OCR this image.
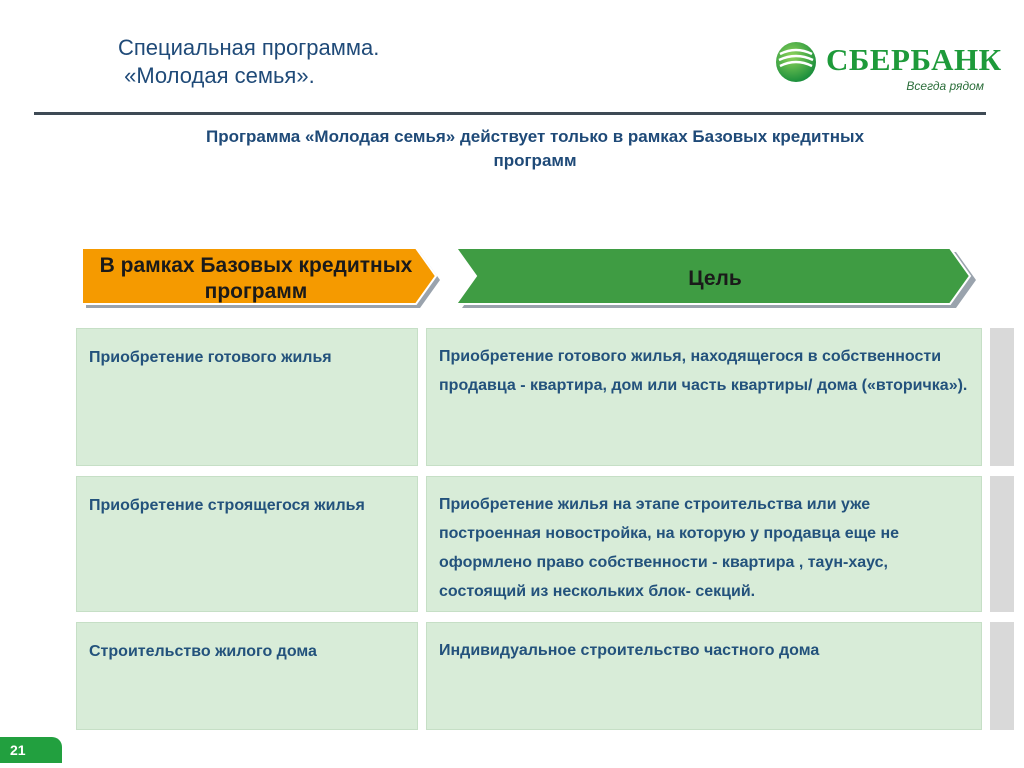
Специальная программа.
«Молодая семья».	СБЕРБАНК
Всегда рядом
Программа «Молодая семья» действует только в рамках Базовых кредитных программ
В рамках Базовых кредитных программ
Цель
Приобретение готового жилья	Приобретение готового жилья, находящегося в собственности продавца - квартира, дом или часть квартиры/ дома («вторичка»).
Приобретение строящегося жилья	Приобретение жилья на этапе строительства или уже построенная новостройка, на которую у продавца еще не оформлено право собственности - квартира , таун-хаус, состоящий из нескольких блок- секций.
Строительство жилого дома	Индивидуальное строительство частного дома
21
